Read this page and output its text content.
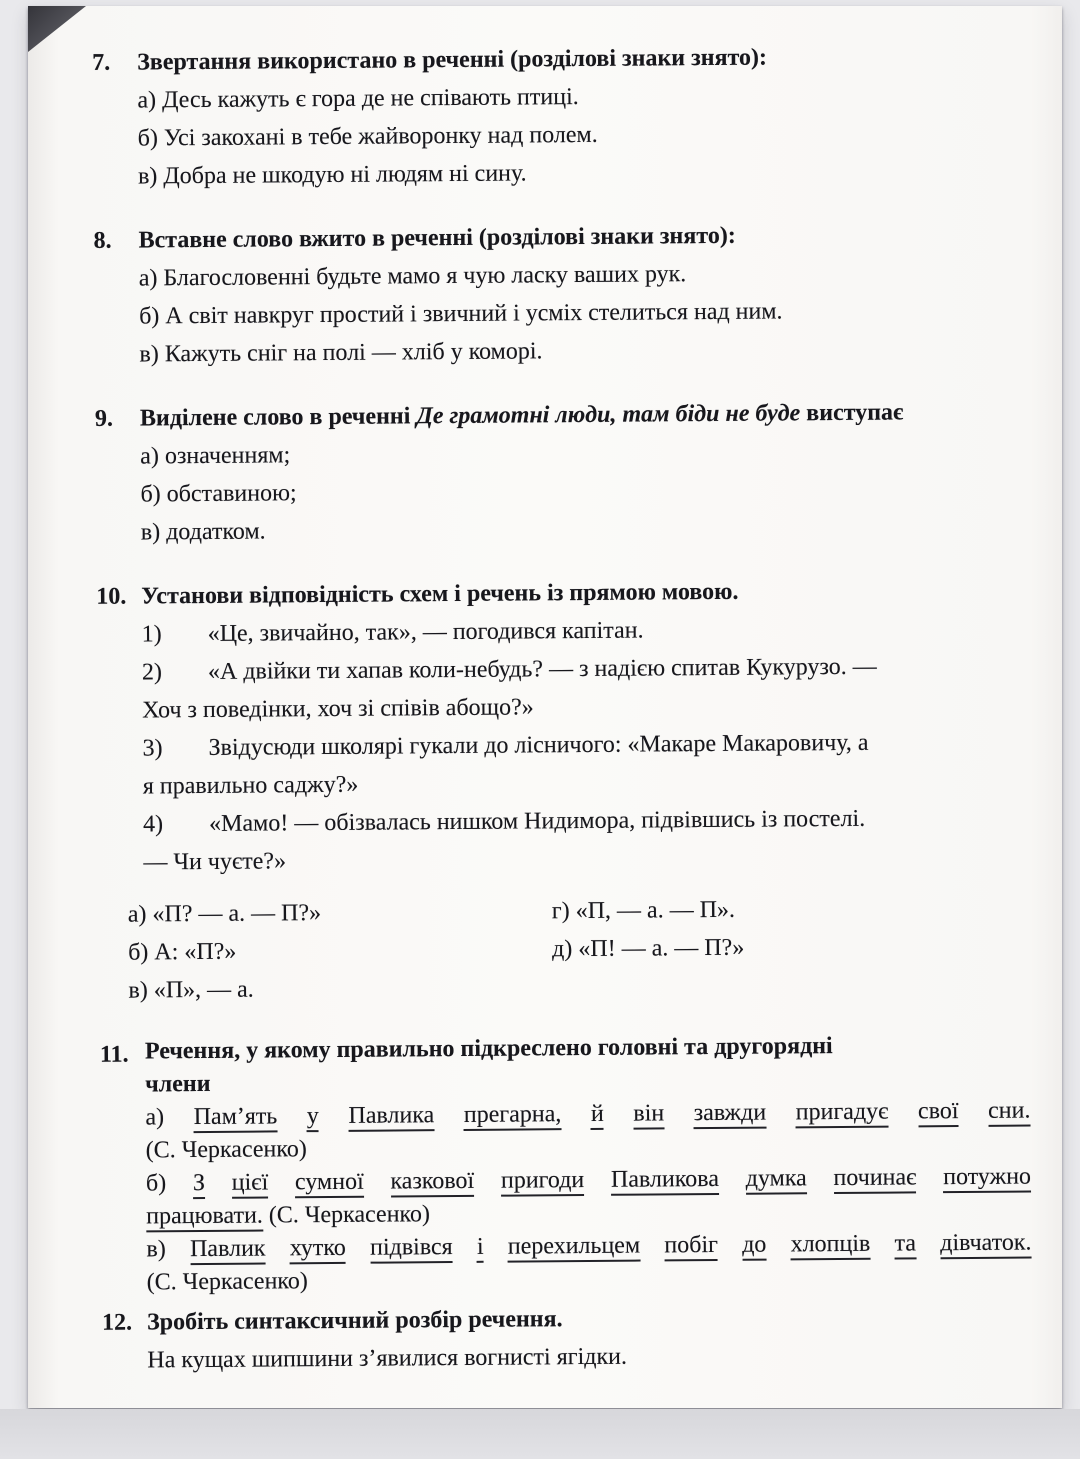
7.	Звертання використано в реченні (розділові знаки знято):
а) Десь кажуть є гора де не співають птиці.
б) Усі закохані в тебе жайворонку над полем.
в) Добра не шкодую ні людям ні сину.
8.	Вставне слово вжито в реченні (розділові знаки знято):
а) Благословенні будьте мамо я чую ласку ваших рук.
б) А світ навкруг простий і звичний і усміх стелиться над ним.
в) Кажуть сніг на полі — хліб у коморі.
9.	Виділене слово в реченні Де грамотні люди, там біди не буде виступає
а) означенням;
б) обставиною;
в) додатком.
10. Установи відповідність схем і речень із прямою мовою.
1) «Це, звичайно, так», — погодився капітан.
2) «А двійки ти хапав коли-небудь? — з надією спитав Кукурузо. —
Хоч з поведінки, хоч зі співів абощо?»
3) Звідусюди школярі гукали до лісничого: «Макаре Макаровичу, а
я правильно саджу?»
4) «Мамо! — обізвалась нишком Нидимора, підвівшись із постелі.
— Чи чуєте?»
а) «П? — а. — П?»
б) А: «П?»
в) «П», — а.
г) «П, — а. — П».
д) «П! — а. — П?»
11. Речення, у якому правильно підкреслено головні та другорядні
члени
а) Пам’ять у Павлика прегарна, й він завжди пригадує свої сни.
(С. Черкасенко)
б) З цієї сумної казкової пригоди Павликова думка починає потужно
працювати. (С. Черкасенко)
в) Павлик хутко підвівся і перехильцем побіг до хлопців та дівчаток.
(С. Черкасенко)
12. Зробіть синтаксичний розбір речення.
На кущах шипшини з’явилися вогнисті ягідки.
